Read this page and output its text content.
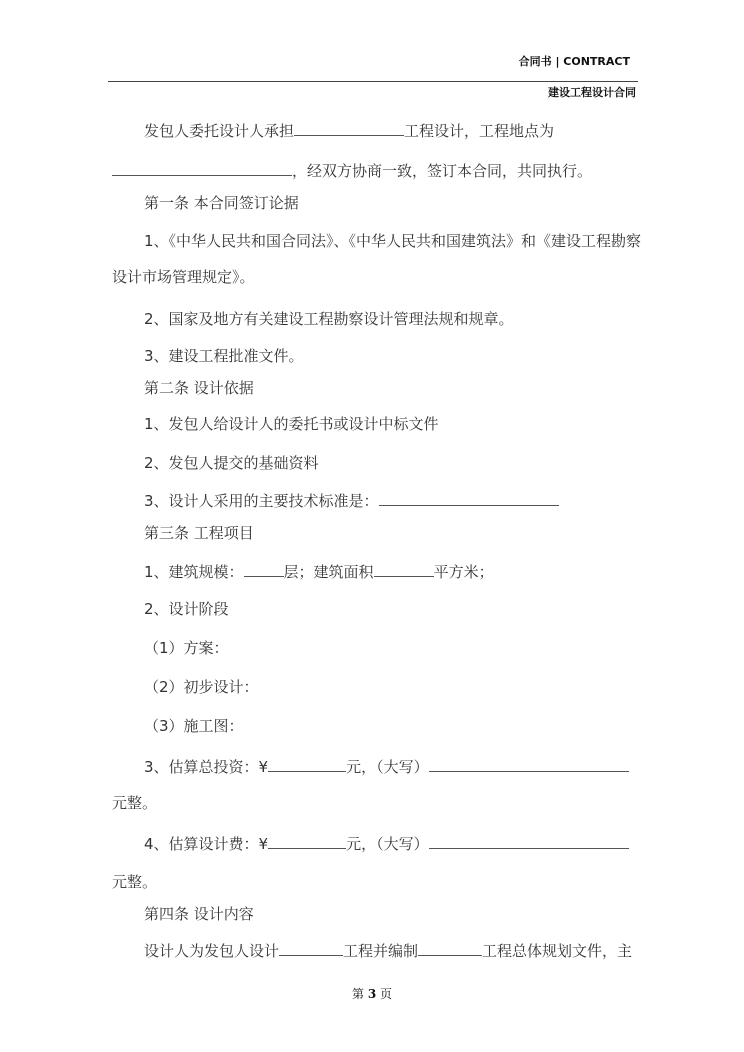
合同书 | CONTRACT
建设工程设计合同
发包人委托设计人承担	工程设计，工程地点为
，经双方协商一致，签订本合同，共同执行。
第一条 本合同签订论据
1、《中华人民共和国合同法》、《中华人民共和国建筑法》和《建设工程勘察
设计市场管理规定》。
2、国家及地方有关建设工程勘察设计管理法规和规章。
3、建设工程批准文件。
第二条 设计依据
1、发包人给设计人的委托书或设计中标文件
2、发包人提交的基础资料
3、设计人采用的主要技术标准是：
第三条 工程项目
1、建筑规模：	层；建筑面积	平方米；
2、设计阶段
（1）方案：
（2）初步设计：
（3）施工图：
3、估算总投资：¥	元，（大写）
元整。
4、估算设计费：¥	元，（大写）
元整。
第四条 设计内容
设计人为发包人设计	工程并编制	工程总体规划文件，主
第 3 页
